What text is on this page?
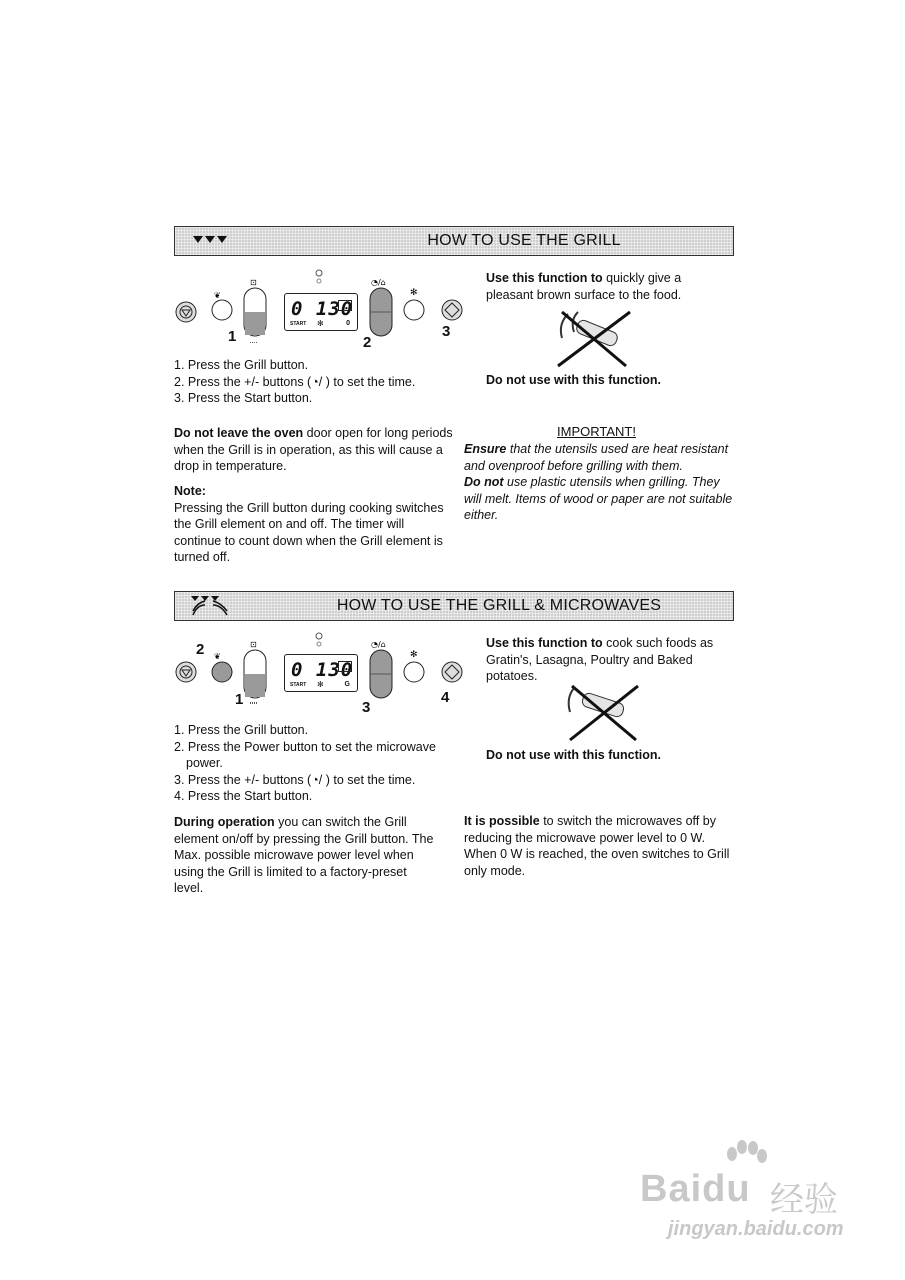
HOW TO USE THE GRILL
❦
⊡	◔/⌂
✻
0 130
START ✻	0
1	2
3
1. Press the Grill button.
2. Press the +/- buttons (◔/ ) to set the time.
3. Press the Start button.
Do not leave the oven door open for long periods when the Grill is in operation, as this will cause a drop in temperature.
Note:
Pressing the Grill button during cooking switches the Grill element on and off. The timer will continue to count down when the Grill element is turned off.
Use this function to quickly give a pleasant brown surface to the food.
Do not use with this function.
IMPORTANT!
Ensure that the utensils used are heat resistant and ovenproof before grilling with them.
Do not use plastic utensils when grilling. They will melt. Items of wood or paper are not suitable either.
HOW TO USE THE GRILL & MICROWAVES
❦
⊡	◔/⌂
✻
0 130
START ✻	G
2
1	3
4
1. Press the Grill button.
2. Press the Power button to set the microwave
power.
3. Press the +/- buttons (◔/ ) to set the time.
4. Press the Start button.
During operation you can switch the Grill element on/off by pressing the Grill button. The Max. possible microwave power level when using the Grill is limited to a factory-preset level.
Use this function to cook such foods as Gratin's, Lasagna, Poultry and Baked potatoes.
Do not use with this function.
It is possible to switch the microwaves off by reducing the microwave power level to 0 W. When 0 W is reached, the oven switches to Grill only mode.
Baidu 经验
jingyan.baidu.com
